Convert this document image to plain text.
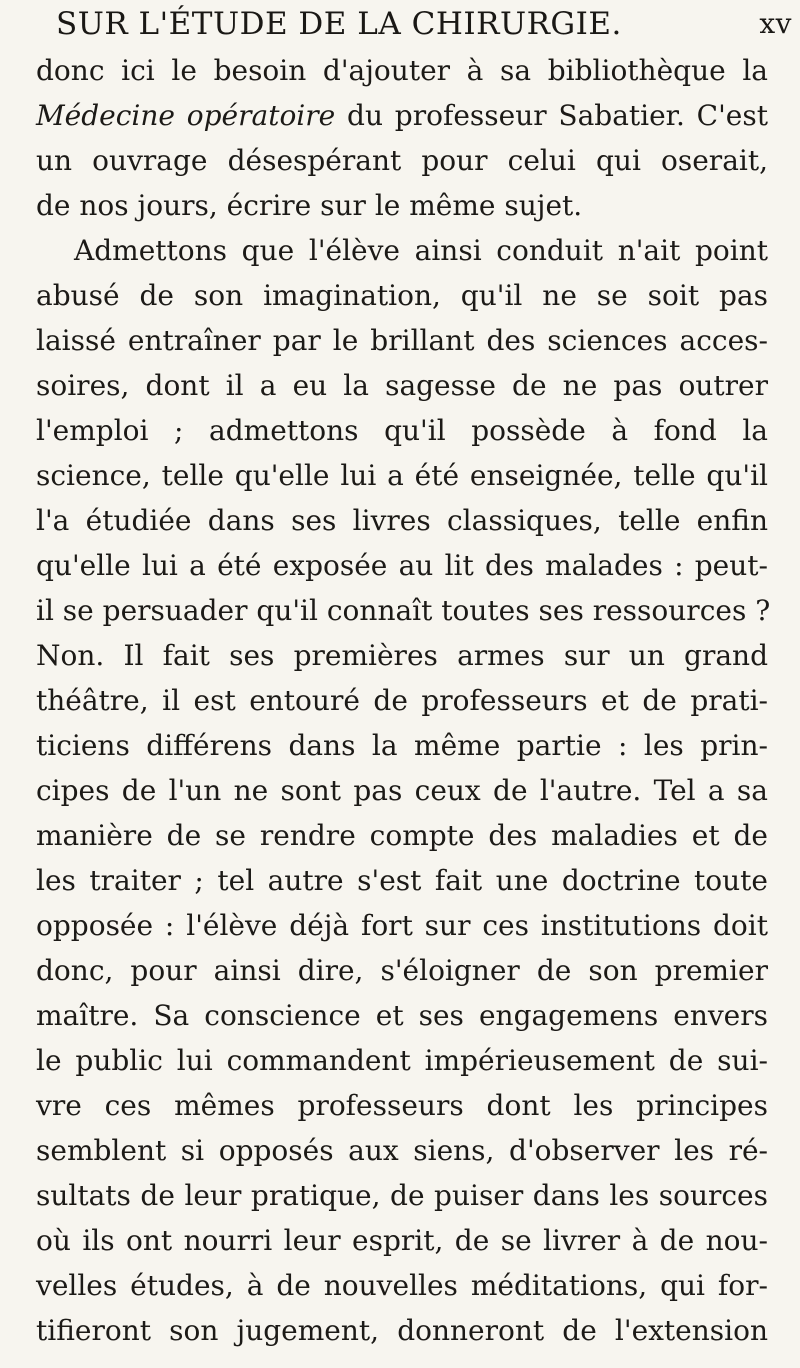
SUR L'ÉTUDE DE LA CHIRURGIE.	xv
donc ici le besoin d'ajouter à sa bibliothèque la
Médecine opératoire du professeur Sabatier. C'est
un ouvrage désespérant pour celui qui oserait,
de nos jours, écrire sur le même sujet.
Admettons que l'élève ainsi conduit n'ait point
abusé de son imagination, qu'il ne se soit pas
laissé entraîner par le brillant des sciences acces-
soires, dont il a eu la sagesse de ne pas outrer
l'emploi ; admettons qu'il possède à fond la
science, telle qu'elle lui a été enseignée, telle qu'il
l'a étudiée dans ses livres classiques, telle enfin
qu'elle lui a été exposée au lit des malades : peut-
il se persuader qu'il connaît toutes ses ressources ?
Non. Il fait ses premières armes sur un grand
théâtre, il est entouré de professeurs et de prati-
ticiens différens dans la même partie : les prin-
cipes de l'un ne sont pas ceux de l'autre. Tel a sa
manière de se rendre compte des maladies et de
les traiter ; tel autre s'est fait une doctrine toute
opposée : l'élève déjà fort sur ces institutions doit
donc, pour ainsi dire, s'éloigner de son premier
maître. Sa conscience et ses engagemens envers
le public lui commandent impérieusement de sui-
vre ces mêmes professeurs dont les principes
semblent si opposés aux siens, d'observer les ré-
sultats de leur pratique, de puiser dans les sources
où ils ont nourri leur esprit, de se livrer à de nou-
velles études, à de nouvelles méditations, qui for-
tifieront son jugement, donneront de l'extension
